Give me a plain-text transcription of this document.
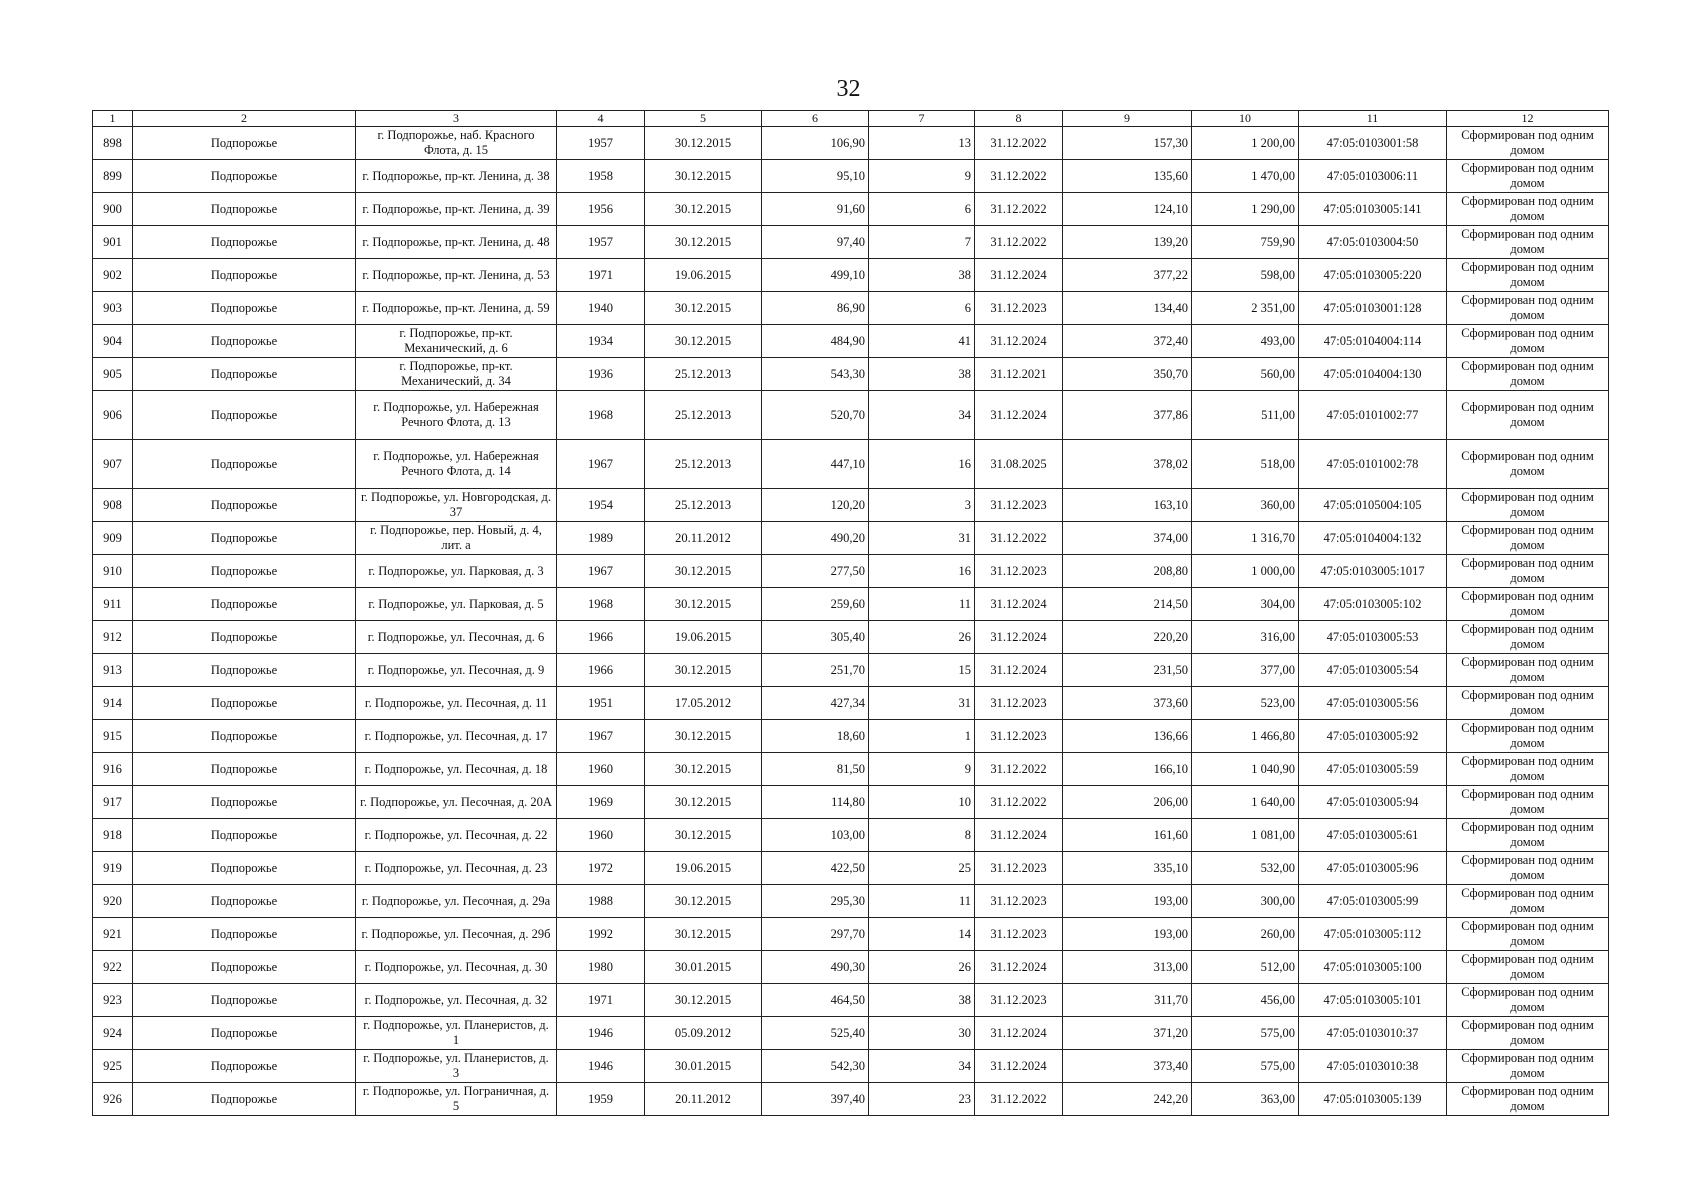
32
1	2	3	4	5	6	7	8	9	10	11	12
898	Подпорожье	г. Подпорожье, наб. Красного Флота, д. 15	1957	30.12.2015	106,90	13	31.12.2022	157,30	1 200,00	47:05:0103001:58	Сформирован под одним домом
899	Подпорожье	г. Подпорожье, пр-кт. Ленина, д. 38	1958	30.12.2015	95,10	9	31.12.2022	135,60	1 470,00	47:05:0103006:11	Сформирован под одним домом
900	Подпорожье	г. Подпорожье, пр-кт. Ленина, д. 39	1956	30.12.2015	91,60	6	31.12.2022	124,10	1 290,00	47:05:0103005:141	Сформирован под одним домом
901	Подпорожье	г. Подпорожье, пр-кт. Ленина, д. 48	1957	30.12.2015	97,40	7	31.12.2022	139,20	759,90	47:05:0103004:50	Сформирован под одним домом
902	Подпорожье	г. Подпорожье, пр-кт. Ленина, д. 53	1971	19.06.2015	499,10	38	31.12.2024	377,22	598,00	47:05:0103005:220	Сформирован под одним домом
903	Подпорожье	г. Подпорожье, пр-кт. Ленина, д. 59	1940	30.12.2015	86,90	6	31.12.2023	134,40	2 351,00	47:05:0103001:128	Сформирован под одним домом
904	Подпорожье	г. Подпорожье, пр-кт. Механический, д. 6	1934	30.12.2015	484,90	41	31.12.2024	372,40	493,00	47:05:0104004:114	Сформирован под одним домом
905	Подпорожье	г. Подпорожье, пр-кт. Механический, д. 34	1936	25.12.2013	543,30	38	31.12.2021	350,70	560,00	47:05:0104004:130	Сформирован под одним домом
906	Подпорожье	г. Подпорожье, ул. Набережная Речного Флота, д. 13	1968	25.12.2013	520,70	34	31.12.2024	377,86	511,00	47:05:0101002:77	Сформирован под одним домом
907	Подпорожье	г. Подпорожье, ул. Набережная Речного Флота, д. 14	1967	25.12.2013	447,10	16	31.08.2025	378,02	518,00	47:05:0101002:78	Сформирован под одним домом
908	Подпорожье	г. Подпорожье, ул. Новгородская, д. 37	1954	25.12.2013	120,20	3	31.12.2023	163,10	360,00	47:05:0105004:105	Сформирован под одним домом
909	Подпорожье	г. Подпорожье, пер. Новый, д. 4, лит. а	1989	20.11.2012	490,20	31	31.12.2022	374,00	1 316,70	47:05:0104004:132	Сформирован под одним домом
910	Подпорожье	г. Подпорожье, ул. Парковая, д. 3	1967	30.12.2015	277,50	16	31.12.2023	208,80	1 000,00	47:05:0103005:1017	Сформирован под одним домом
911	Подпорожье	г. Подпорожье, ул. Парковая, д. 5	1968	30.12.2015	259,60	11	31.12.2024	214,50	304,00	47:05:0103005:102	Сформирован под одним домом
912	Подпорожье	г. Подпорожье, ул. Песочная, д. 6	1966	19.06.2015	305,40	26	31.12.2024	220,20	316,00	47:05:0103005:53	Сформирован под одним домом
913	Подпорожье	г. Подпорожье, ул. Песочная, д. 9	1966	30.12.2015	251,70	15	31.12.2024	231,50	377,00	47:05:0103005:54	Сформирован под одним домом
914	Подпорожье	г. Подпорожье, ул. Песочная, д. 11	1951	17.05.2012	427,34	31	31.12.2023	373,60	523,00	47:05:0103005:56	Сформирован под одним домом
915	Подпорожье	г. Подпорожье, ул. Песочная, д. 17	1967	30.12.2015	18,60	1	31.12.2023	136,66	1 466,80	47:05:0103005:92	Сформирован под одним домом
916	Подпорожье	г. Подпорожье, ул. Песочная, д. 18	1960	30.12.2015	81,50	9	31.12.2022	166,10	1 040,90	47:05:0103005:59	Сформирован под одним домом
917	Подпорожье	г. Подпорожье, ул. Песочная, д. 20А	1969	30.12.2015	114,80	10	31.12.2022	206,00	1 640,00	47:05:0103005:94	Сформирован под одним домом
918	Подпорожье	г. Подпорожье, ул. Песочная, д. 22	1960	30.12.2015	103,00	8	31.12.2024	161,60	1 081,00	47:05:0103005:61	Сформирован под одним домом
919	Подпорожье	г. Подпорожье, ул. Песочная, д. 23	1972	19.06.2015	422,50	25	31.12.2023	335,10	532,00	47:05:0103005:96	Сформирован под одним домом
920	Подпорожье	г. Подпорожье, ул. Песочная, д. 29а	1988	30.12.2015	295,30	11	31.12.2023	193,00	300,00	47:05:0103005:99	Сформирован под одним домом
921	Подпорожье	г. Подпорожье, ул. Песочная, д. 29б	1992	30.12.2015	297,70	14	31.12.2023	193,00	260,00	47:05:0103005:112	Сформирован под одним домом
922	Подпорожье	г. Подпорожье, ул. Песочная, д. 30	1980	30.01.2015	490,30	26	31.12.2024	313,00	512,00	47:05:0103005:100	Сформирован под одним домом
923	Подпорожье	г. Подпорожье, ул. Песочная, д. 32	1971	30.12.2015	464,50	38	31.12.2023	311,70	456,00	47:05:0103005:101	Сформирован под одним домом
924	Подпорожье	г. Подпорожье, ул. Планеристов, д. 1	1946	05.09.2012	525,40	30	31.12.2024	371,20	575,00	47:05:0103010:37	Сформирован под одним домом
925	Подпорожье	г. Подпорожье, ул. Планеристов, д. 3	1946	30.01.2015	542,30	34	31.12.2024	373,40	575,00	47:05:0103010:38	Сформирован под одним домом
926	Подпорожье	г. Подпорожье, ул. Пограничная, д. 5	1959	20.11.2012	397,40	23	31.12.2022	242,20	363,00	47:05:0103005:139	Сформирован под одним домом
